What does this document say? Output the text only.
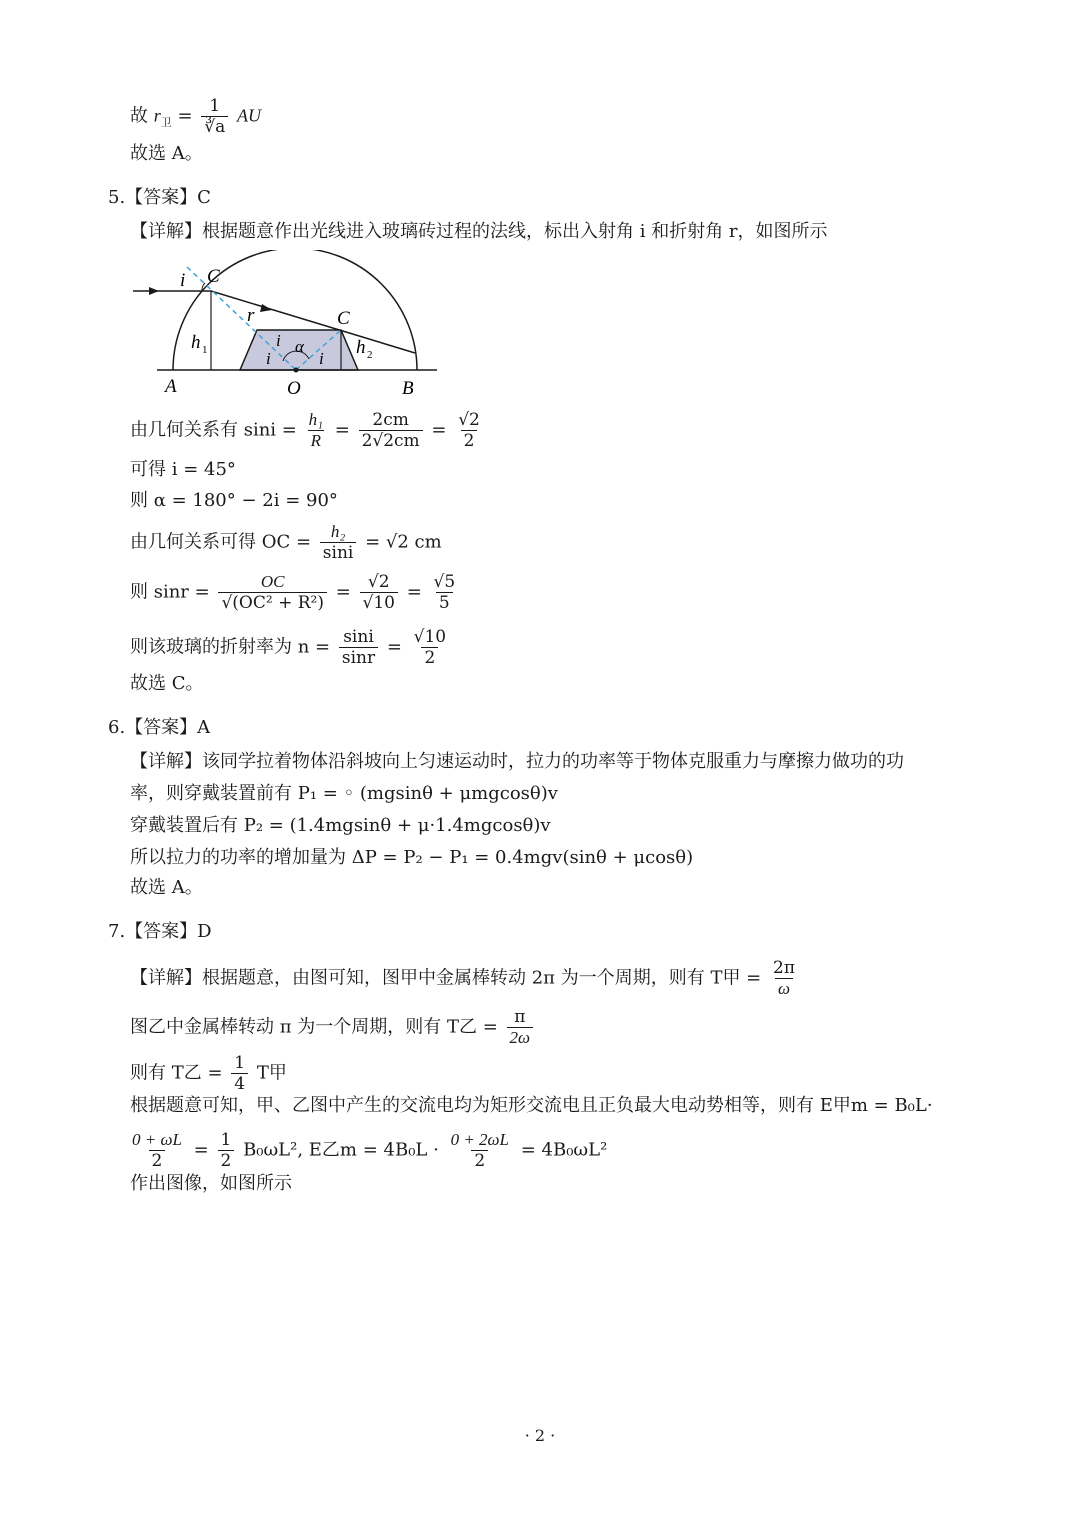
故 $r_卫 = \frac{1}{∛a}$ AU
故选 A。
5.【答案】C
【详解】根据题意作出光线进入玻璃砖过程的法线，标出入射角 i 和折射角 r，如图所示
i C
r	C
h 1	i α
i	i
h 2
A	O	B
由几何关系有 $\sin i = \frac{\text{h₁}}{R} = \frac{2cm}{2√2cm} = \frac{√2}{2}$
可得 i = 45°
则 α = 180° − 2i = 90°
由几何关系可得 OC = $\frac{\text{h₂}}{\sin i} = √2$ cm
则 $\sin r = \frac{OC}{\text{√(OC² + R²)}} = \frac{√2}{√10} = \frac{√5}{5}$
则该玻璃的折射率为 $n = \frac{\sin i}{\sin r} = \frac{√10}{2}$
故选 C。
6.【答案】A
【详解】该同学拉着物体沿斜坡向上匀速运动时，拉力的功率等于物体克服重力与摩擦力做功的功
率，则穿戴装置前有 P₁ = ◦ (mgsinθ + μmgcosθ)v
穿戴装置后有 P₂ = (1.4mgsinθ + μ·1.4mgcosθ)v
所以拉力的功率的增加量为 ΔP = P₂ − P₁ = 0.4mgv(sinθ + μcosθ)
故选 A。
7.【答案】D
【详解】根据题意，由图可知，图甲中金属棒转动 2π 为一个周期，则有 T甲 = $\frac{2\pi}{\omega}$
图乙中金属棒转动 π 为一个周期，则有 T乙 = $\frac{\pi}{2\omega}$
则有 T乙 = $\frac{1}{4}$ T甲
根据题意可知，甲、乙图中产生的交流电均为矩形交流电且正负最大电动势相等，则有 E甲m = B₀L·
$\frac{0 + \omega L}{2} = \frac{1}{2} B_0\omega L^2$, E乙$m = 4B_0L \cdot \frac{0 + 2\omega L}{2} = 4B_0\omega L^2$
作出图像，如图所示
· 2 ·
